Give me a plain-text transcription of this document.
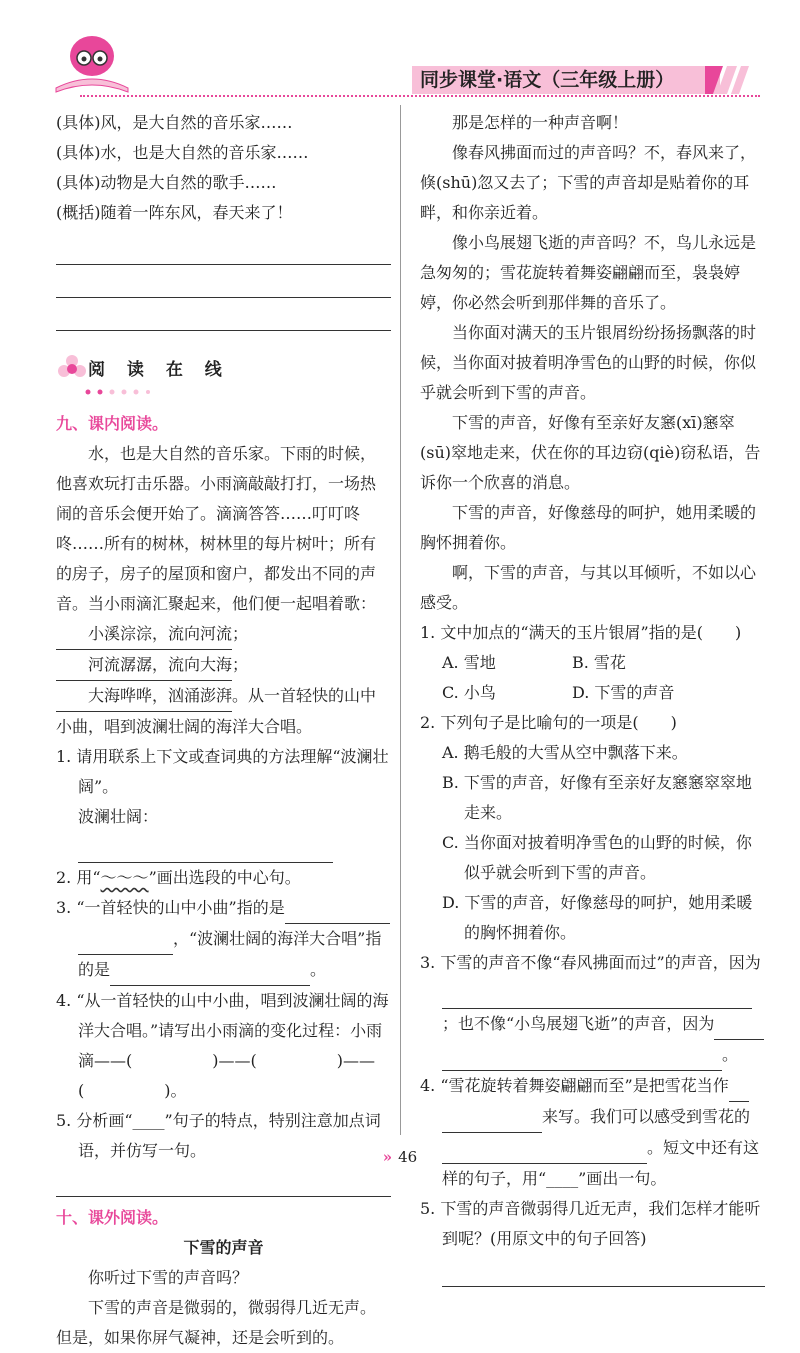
同步课堂·语文（三年级上册）

(具体)风，是大自然的音乐家……

(具体)水，也是大自然的音乐家……

(具体)动物是大自然的歌手……

(概括)随着一阵东风，春天来了！

阅 读 在 线

九、课内阅读。

水，也是大自然的音乐家。下雨的时候，他喜欢玩打击乐器。小雨滴敲敲打打，一场热闹的音乐会便开始了。滴滴答答……叮叮咚咚……所有的树林，树林里的每片树叶；所有的房子，房子的屋顶和窗户，都发出不同的声音。当小雨滴汇聚起来，他们便一起唱着歌：小溪淙淙，流向河流；河流潺潺，流向大海；大海哗哗，汹涌澎湃。从一首轻快的山中小曲，唱到波澜壮阔的海洋大合唱。

1. 请用联系上下文或查词典的方法理解“波澜壮阔”。

波澜壮阔：

2. 用“～～～”画出选段的中心句。

3. “一首轻快的山中小曲”指的是  ，“波澜壮阔的海洋大合唱”指的是	。

4. “从一首轻快的山中小曲，唱到波澜壮阔的海洋大合唱。”请写出小雨滴的变化过程：小雨滴——(　　　　　)——(　　　　　)——(　　　　　)。

5. 分析画“____”句子的特点，特别注意加点词语，并仿写一句。

十、课外阅读。

下雪的声音

你听过下雪的声音吗？

下雪的声音是微弱的，微弱得几近无声。但是，如果你屏气凝神，还是会听到的。

那是怎样的一种声音啊！

像春风拂面而过的声音吗？不，春风来了，倏(shū)忽又去了；下雪的声音却是贴着你的耳畔，和你亲近着。

像小鸟展翅飞逝的声音吗？不，鸟儿永远是急匆匆的；雪花旋转着舞姿翩翩而至，袅袅婷婷，你必然会听到那伴舞的音乐了。

当你面对满天的玉片银屑纷纷扬扬飘落的时候，当你面对披着明净雪色的山野的时候，你似乎就会听到下雪的声音。

下雪的声音，好像有至亲好友窸(xī)窸窣(sū)窣地走来，伏在你的耳边窃(qiè)窃私语，告诉你一个欣喜的消息。

下雪的声音，好像慈母的呵护，她用柔暖的胸怀拥着你。

啊，下雪的声音，与其以耳倾听，不如以心感受。

1. 文中加点的“满天的玉片银屑”指的是(　　)

A. 雪地	B. 雪花
C. 小鸟	D. 下雪的声音

2. 下列句子是比喻句的一项是(　　)

A. 鹅毛般的大雪从空中飘落下来。

B. 下雪的声音，好像有至亲好友窸窸窣窣地走来。

C. 当你面对披着明净雪色的山野的时候，你似乎就会听到下雪的声音。

D. 下雪的声音，好像慈母的呵护，她用柔暖的胸怀拥着你。

3. 下雪的声音不像“春风拂面而过”的声音，因为 ；也不像“小鸟展翅飞逝”的声音，因为  。

4. “雪花旋转着舞姿翩翩而至”是把雪花当作  来写。我们可以感受到雪花的 。短文中还有这样的句子，用“____”画出一句。

5. 下雪的声音微弱得几近无声，我们怎样才能听到呢？(用原文中的句子回答)

» 46
